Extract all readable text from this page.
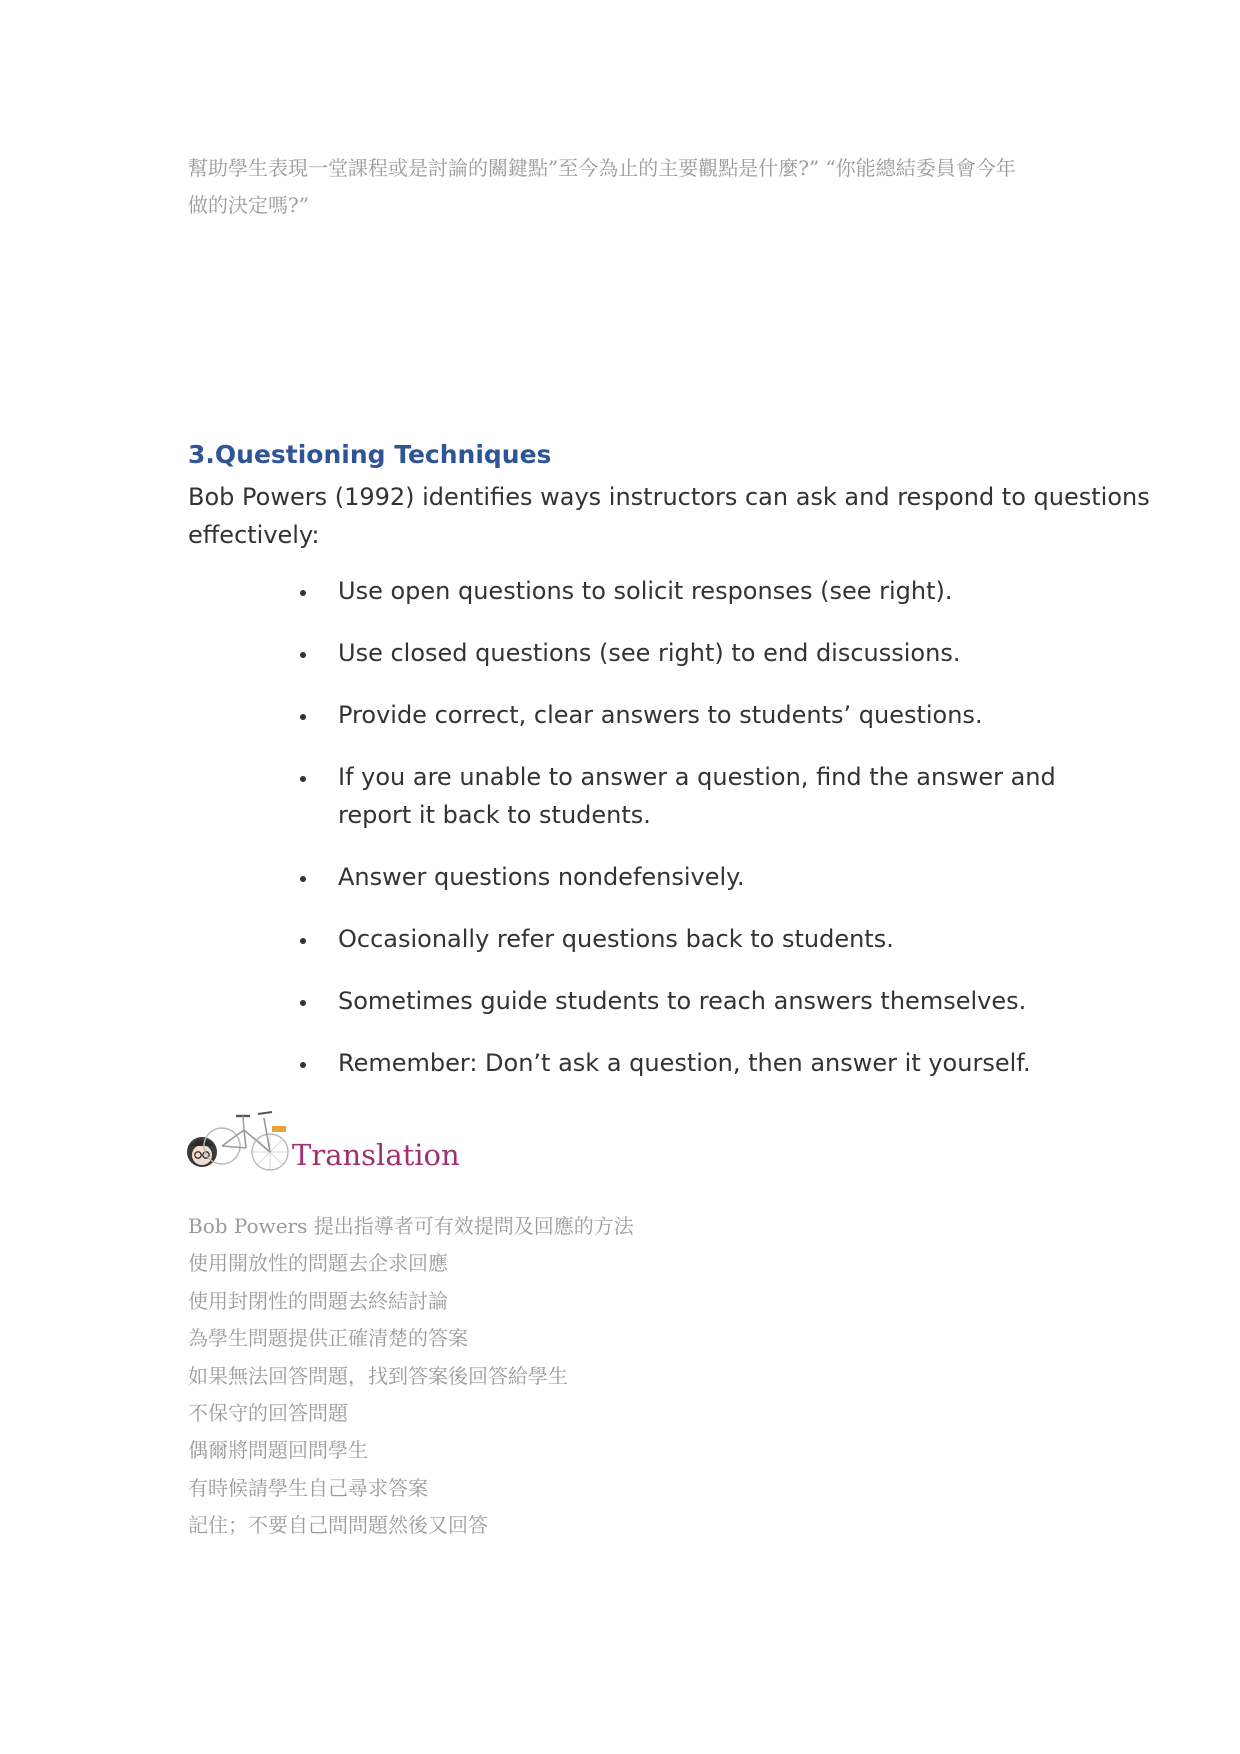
幫助學生表現一堂課程或是討論的關鍵點”至今為止的主要觀點是什麼?” “你能總結委員會今年
做的決定嗎?”
3.Questioning Techniques
Bob Powers (1992) identifies ways instructors can ask and respond to questions
effectively:
Use open questions to solicit responses (see right).
Use closed questions (see right) to end discussions.
Provide correct, clear answers to students’ questions.
If you are unable to answer a question, find the answer and
report it back to students.
Answer questions nondefensively.
Occasionally refer questions back to students.
Sometimes guide students to reach answers themselves.
Remember: Don’t ask a question, then answer it yourself.
Translation
Bob Powers 提出指導者可有效提問及回應的方法
使用開放性的問題去企求回應
使用封閉性的問題去終結討論
為學生問題提供正確清楚的答案
如果無法回答問題，找到答案後回答給學生
不保守的回答問題
偶爾將問題回問學生
有時候請學生自己尋求答案
記住；不要自己問問題然後又回答
